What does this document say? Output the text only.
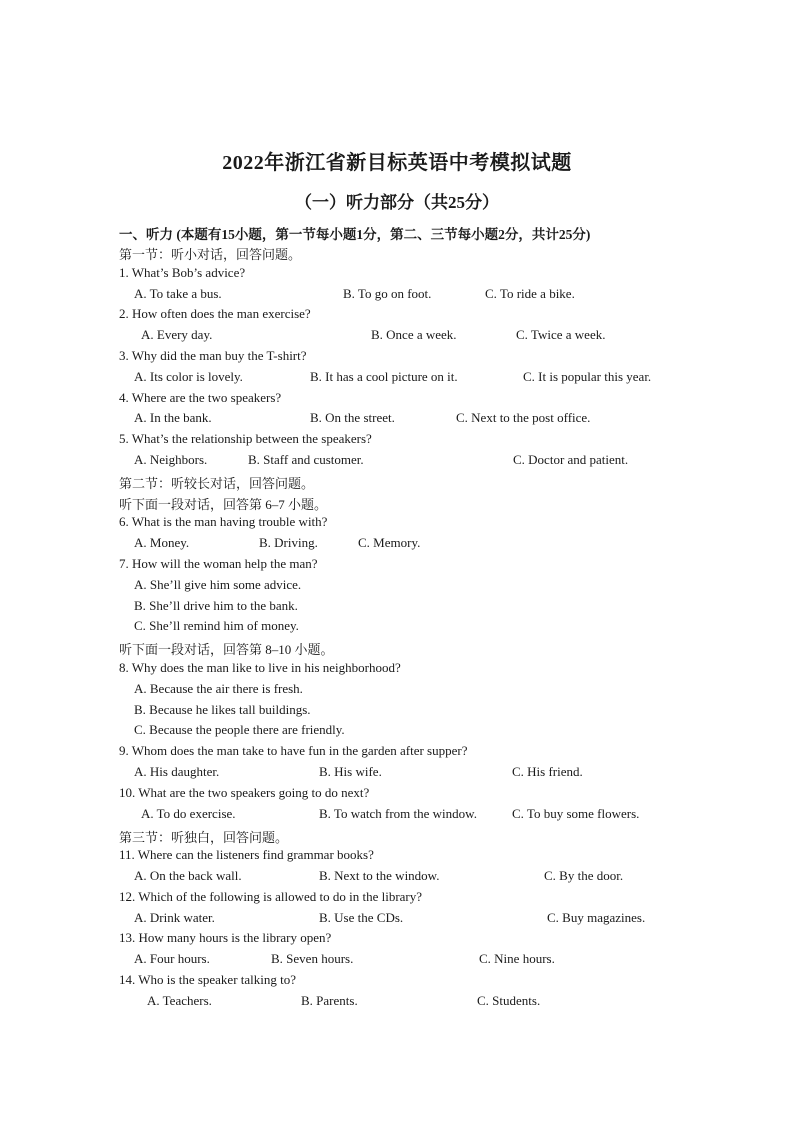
2022年浙江省新目标英语中考模拟试题
（一）听力部分（共25分）
一、听力 (本题有15小题，第一节每小题1分，第二、三节每小题2分，共计25分)
第一节：听小对话，回答问题。
1. What’s Bob’s advice?
A. To take a bus.	B. To go on foot.	C. To ride a bike.
2. How often does the man exercise?
A. Every day.	B. Once a week.	C. Twice a week.
3. Why did the man buy the T-shirt?
A. Its color is lovely.	B. It has a cool picture on it.	C. It is popular this year.
4. Where are the two speakers?
A. In the bank.	B. On the street.	C. Next to the post office.
5. What’s the relationship between the speakers?
A. Neighbors.	B. Staff and customer.	C. Doctor and patient.
第二节：听较长对话，回答问题。
听下面一段对话，回答第 6–7 小题。
6. What is the man having trouble with?
A. Money.	B. Driving.	C. Memory.
7. How will the woman help the man?
A. She’ll give him some advice.
B. She’ll drive him to the bank.
C. She’ll remind him of money.
听下面一段对话，回答第 8–10 小题。
8. Why does the man like to live in his neighborhood?
A. Because the air there is fresh.
B. Because he likes tall buildings.
C. Because the people there are friendly.
9. Whom does the man take to have fun in the garden after supper?
A. His daughter.	B. His wife.	C. His friend.
10. What are the two speakers going to do next?
A. To do exercise.	B. To watch from the window.	C. To buy some flowers.
第三节：听独白，回答问题。
11. Where can the listeners find grammar books?
A. On the back wall.	B. Next to the window.	C. By the door.
12. Which of the following is allowed to do in the library?
A. Drink water.	B. Use the CDs.	C. Buy magazines.
13. How many hours is the library open?
A. Four hours.	B. Seven hours.	C. Nine hours.
14. Who is the speaker talking to?
A. Teachers.	B. Parents.	C. Students.
